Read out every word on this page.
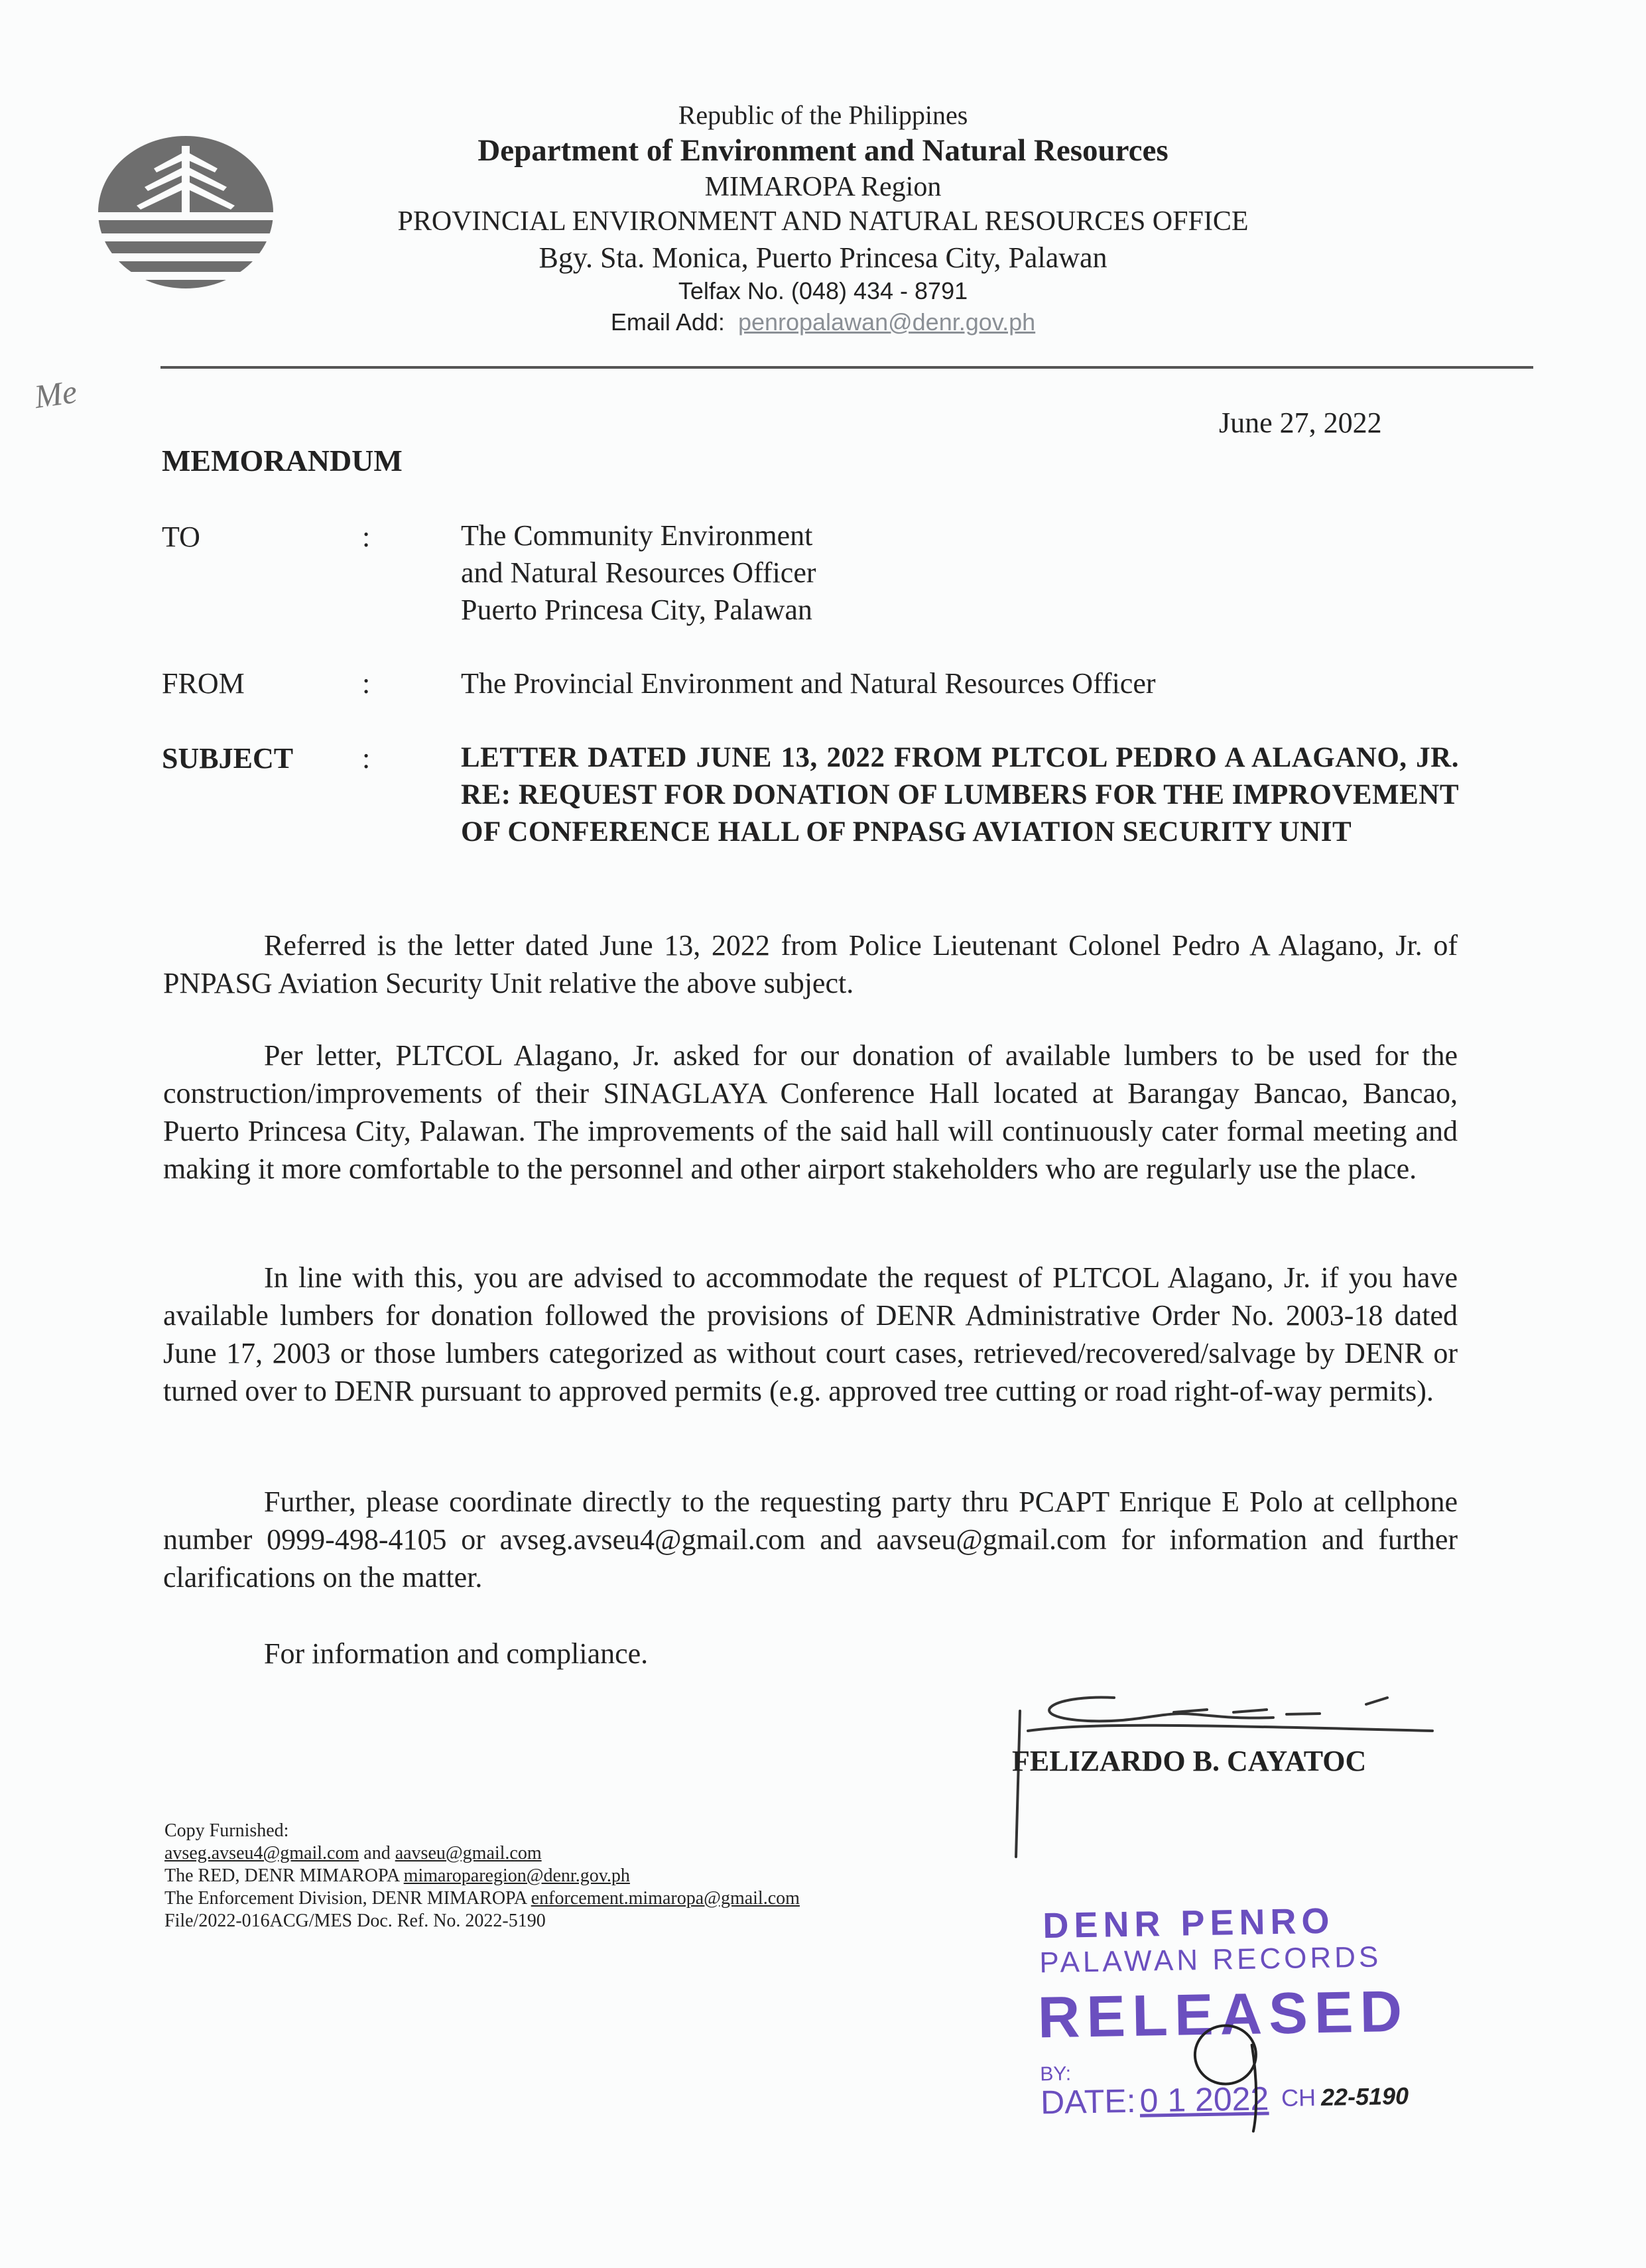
Republic of the Philippines
Department of Environment and Natural Resources
MIMAROPA Region
PROVINCIAL ENVIRONMENT AND NATURAL RESOURCES OFFICE
Bgy. Sta. Monica, Puerto Princesa City, Palawan
Telfax No. (048) 434 - 8791
Email Add: penropalawan@denr.gov.ph
Me
June 27, 2022
MEMORANDUM
TO	:	The Community Environment
and Natural Resources Officer
Puerto Princesa City, Palawan
FROM	:	The Provincial Environment and Natural Resources Officer
SUBJECT :	LETTER DATED JUNE 13, 2022 FROM PLTCOL PEDRO A ALAGANO, JR. RE: REQUEST FOR DONATION OF LUMBERS FOR THE IMPROVEMENT OF CONFERENCE HALL OF PNPASG AVIATION SECURITY UNIT
Referred is the letter dated June 13, 2022 from Police Lieutenant Colonel Pedro A Alagano, Jr. of PNPASG Aviation Security Unit relative the above subject.
Per letter, PLTCOL Alagano, Jr. asked for our donation of available lumbers to be used for the construction/improvements of their SINAGLAYA Conference Hall located at Barangay Bancao, Bancao, Puerto Princesa City, Palawan. The improvements of the said hall will continuously cater formal meeting and making it more comfortable to the personnel and other airport stakeholders who are regularly use the place.
In line with this, you are advised to accommodate the request of PLTCOL Alagano, Jr. if you have available lumbers for donation followed the provisions of DENR Administrative Order No. 2003-18 dated June 17, 2003 or those lumbers categorized as without court cases, retrieved/recovered/salvage by DENR or turned over to DENR pursuant to approved permits (e.g. approved tree cutting or road right-of-way permits).
Further, please coordinate directly to the requesting party thru PCAPT Enrique E Polo at cellphone number 0999-498-4105 or avseg.avseu4@gmail.com and aavseu@gmail.com for information and further clarifications on the matter.
For information and compliance.
FELIZARDO B. CAYATOC
Copy Furnished:
avseg.avseu4@gmail.com and aavseu@gmail.com
The RED, DENR MIMAROPA mimaroparegion@denr.gov.ph
The Enforcement Division, DENR MIMAROPA enforcement.mimaropa@gmail.com
File/2022-016ACG/MES Doc. Ref. No. 2022-5190	DENR PENRO
PALAWAN RECORDS
RELEASED
BY:
DATE: 0 1 2022 CH 22-5190
